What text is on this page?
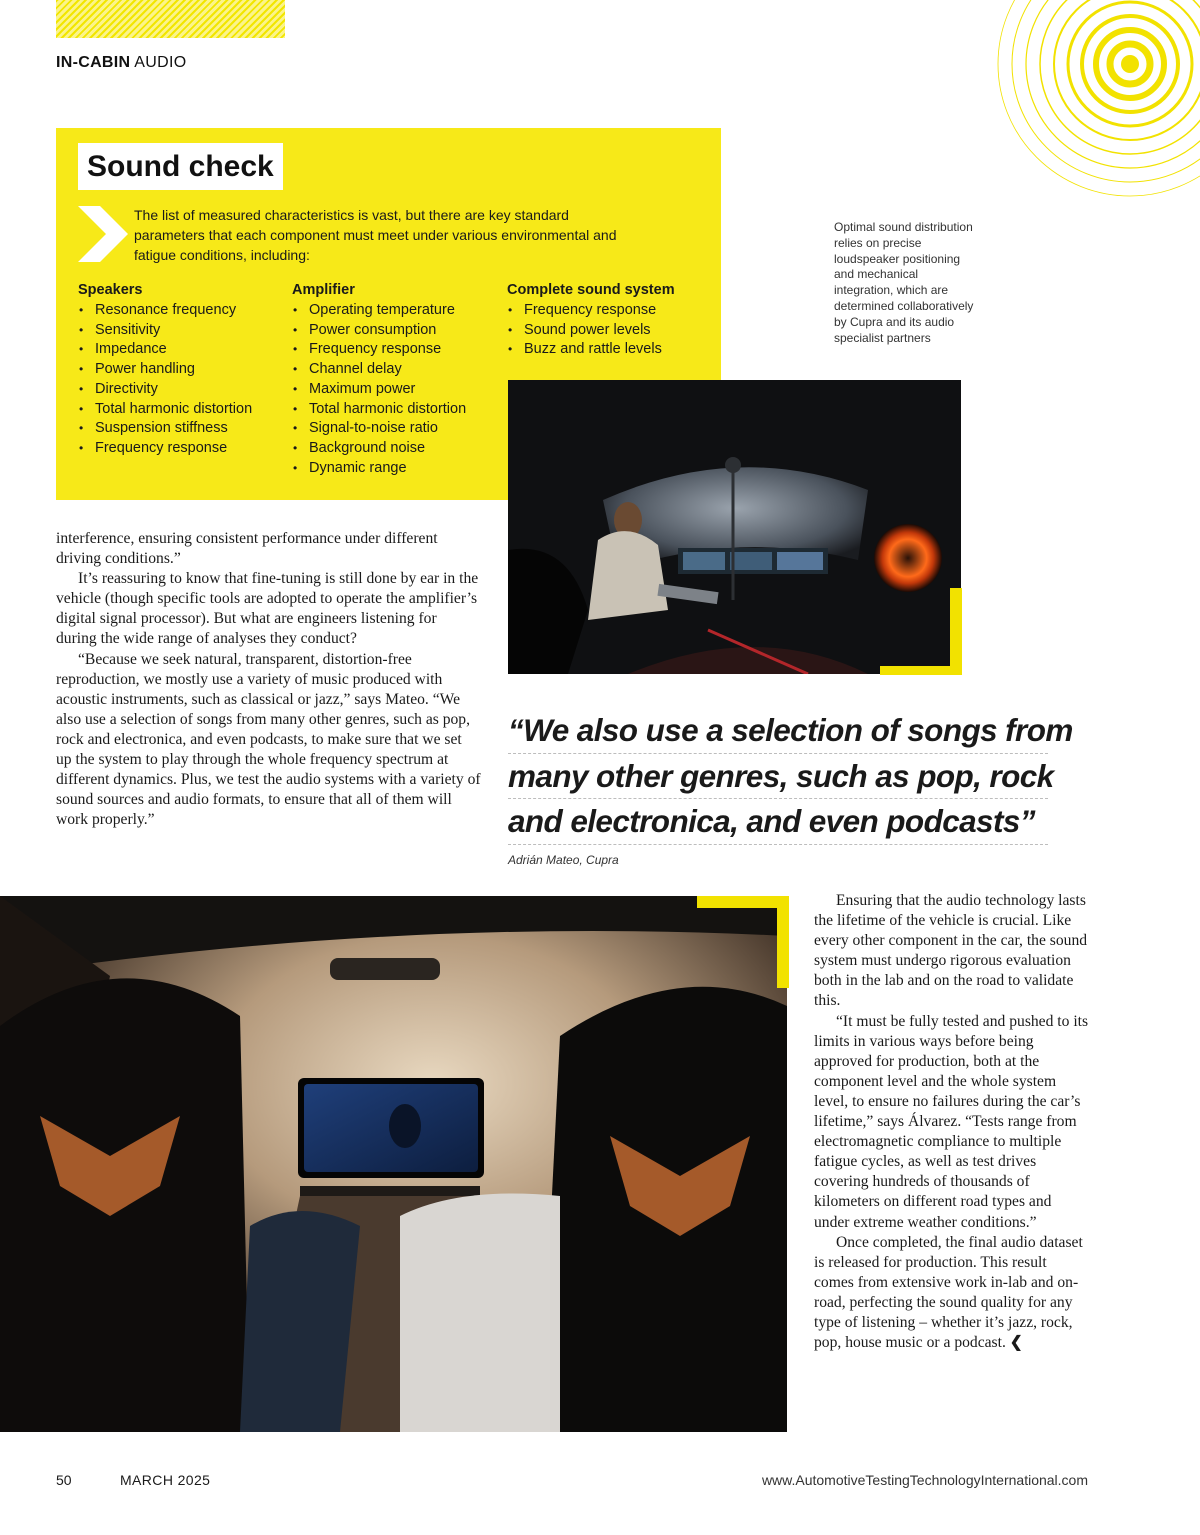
IN-CABIN AUDIO
Sound check
The list of measured characteristics is vast, but there are key standard parameters that each component must meet under various environmental and fatigue conditions, including:
Speakers
• Resonance frequency
• Sensitivity
• Impedance
• Power handling
• Directivity
• Total harmonic distortion
• Suspension stiffness
• Frequency response
Amplifier
• Operating temperature
• Power consumption
• Frequency response
• Channel delay
• Maximum power
• Total harmonic distortion
• Signal-to-noise ratio
• Background noise
• Dynamic range
Complete sound system
• Frequency response
• Sound power levels
• Buzz and rattle levels
Optimal sound distribution relies on precise loudspeaker positioning and mechanical integration, which are determined collaboratively by Cupra and its audio specialist partners

interference, ensuring consistent performance under different driving conditions.”

It’s reassuring to know that fine-tuning is still done by ear in the vehicle (though specific tools are adopted to operate the amplifier’s digital signal processor). But what are engineers listening for during the wide range of analyses they conduct?

“Because we seek natural, transparent, distortion-free reproduction, we mostly use a variety of music produced with acoustic instruments, such as classical or jazz,” says Mateo. “We also use a selection of songs from many other genres, such as pop, rock and electronica, and even podcasts, to make sure that we set up the system to play through the whole frequency spectrum at different dynamics. Plus, we test the audio systems with a variety of sound sources and audio formats, to ensure that all of them will work properly.”

“We also use a selection of songs from
many other genres, such as pop, rock
and electronica, and even podcasts”
Adrián Mateo, Cupra

Ensuring that the audio technology lasts the lifetime of the vehicle is crucial. Like every other component in the car, the sound system must undergo rigorous evaluation both in the lab and on the road to validate this.

“It must be fully tested and pushed to its limits in various ways before being approved for production, both at the component level and the whole system level, to ensure no failures during the car’s lifetime,” says Álvarez. “Tests range from electromagnetic compliance to multiple fatigue cycles, as well as test drives covering hundreds of thousands of kilometers on different road types and under extreme weather conditions.”

Once completed, the final audio dataset is released for production. This result comes from extensive work in-lab and on-road, perfecting the sound quality for any type of listening – whether it’s jazz, rock, pop, house music or a podcast. ❮

50	MARCH 2025	www.AutomotiveTestingTechnologyInternational.com
